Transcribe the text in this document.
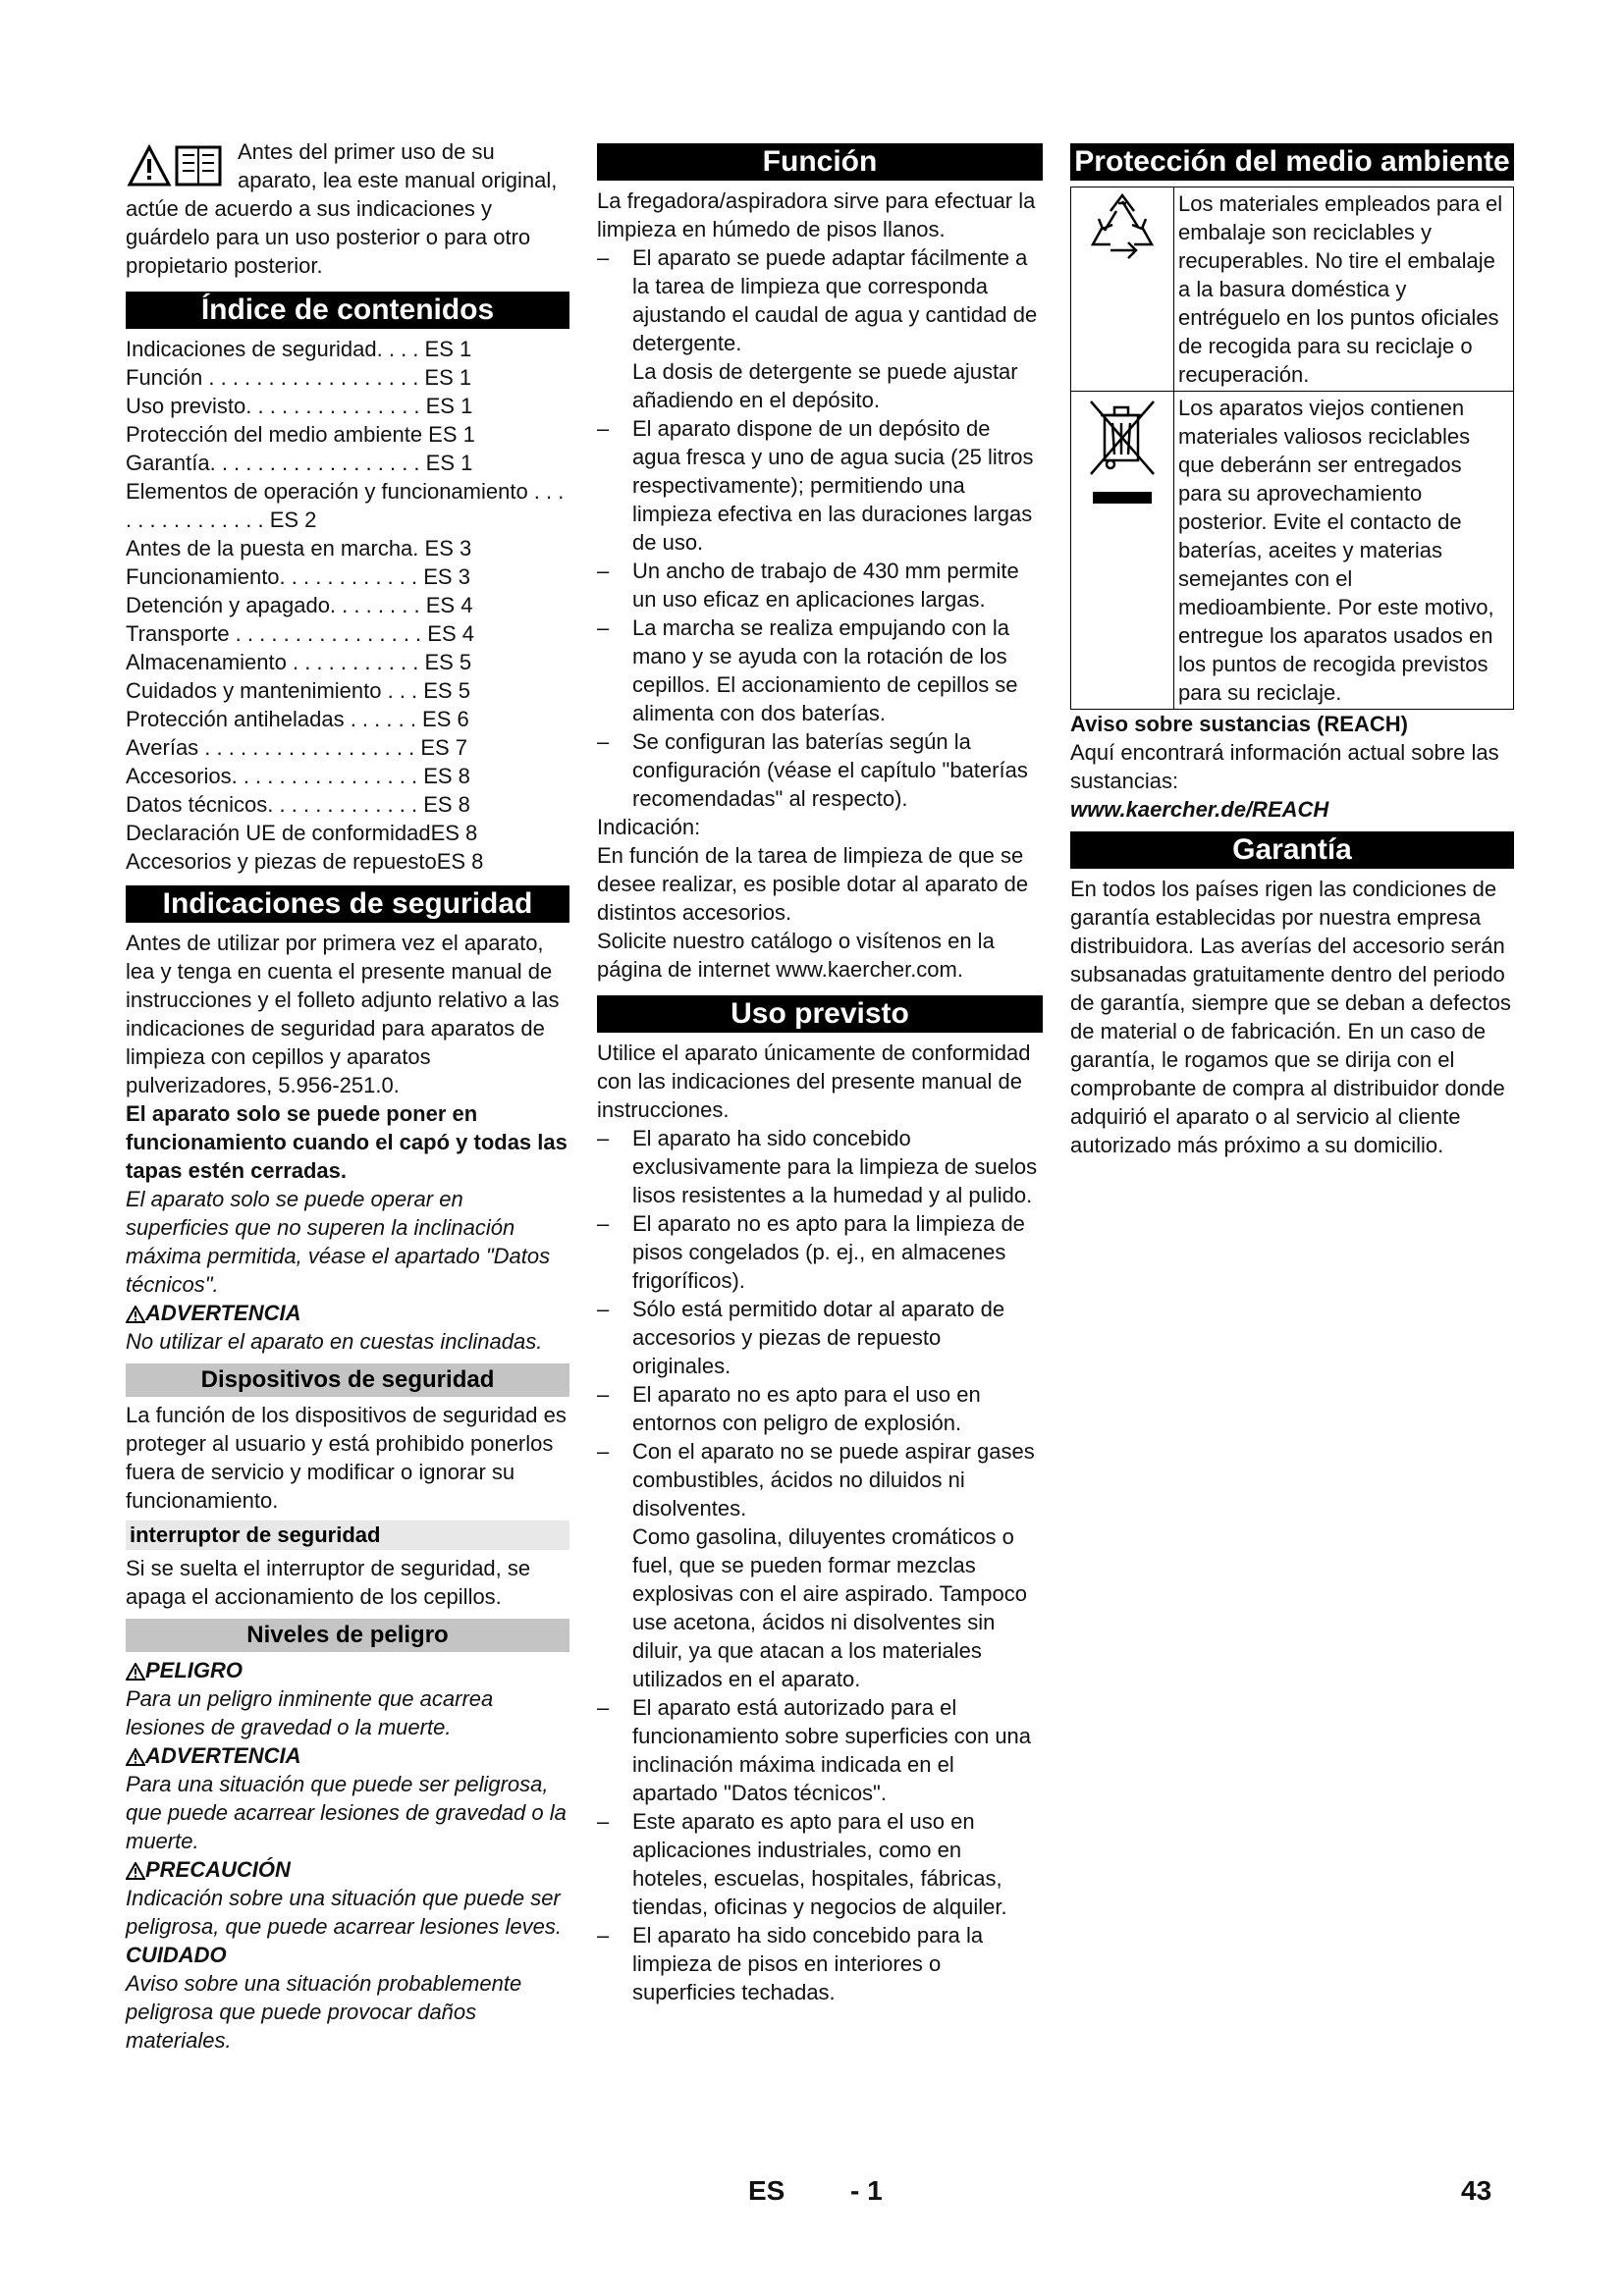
Antes del primer uso de su aparato, lea este manual original, actúe de acuerdo a sus indicaciones y guárdelo para un uso posterior o para otro propietario posterior.

Índice de contenidos
Indicaciones de seguridad. . . . ES 1
Función . . . . . . . . . . . . . . . . . . ES 1
Uso previsto. . . . . . . . . . . . . . . ES 1
Protección del medio ambiente ES 1
Garantía. . . . . . . . . . . . . . . . . . ES 1
Elementos de operación y funcionamiento . . . . . . . . . . . . . . . ES 2
Antes de la puesta en marcha. ES 3
Funcionamiento. . . . . . . . . . . . ES 3
Detención y apagado. . . . . . . . ES 4
Transporte . . . . . . . . . . . . . . . . ES 4
Almacenamiento . . . . . . . . . . . ES 5
Cuidados y mantenimiento . . . ES 5
Protección antiheladas . . . . . . ES 6
Averías . . . . . . . . . . . . . . . . . . ES 7
Accesorios. . . . . . . . . . . . . . . . ES 8
Datos técnicos. . . . . . . . . . . . . ES 8
Declaración UE de conformidadES 8
Accesorios y piezas de repuestoES 8
Indicaciones de seguridad

Antes de utilizar por primera vez el aparato, lea y tenga en cuenta el presente manual de instrucciones y el folleto adjunto relativo a las indicaciones de seguridad para aparatos de limpieza con cepillos y aparatos pulverizadores, 5.956-251.0.

El aparato solo se puede poner en funcionamiento cuando el capó y todas las tapas estén cerradas.

El aparato solo se puede operar en superficies que no superen la inclinación máxima permitida, véase el apartado "Datos técnicos".

ADVERTENCIA

No utilizar el aparato en cuestas inclinadas.

Dispositivos de seguridad

La función de los dispositivos de seguridad es proteger al usuario y está prohibido ponerlos fuera de servicio y modificar o ignorar su funcionamiento.

interruptor de seguridad

Si se suelta el interruptor de seguridad, se apaga el accionamiento de los cepillos.

Niveles de peligro

PELIGRO

Para un peligro inminente que acarrea lesiones de gravedad o la muerte.

ADVERTENCIA

Para una situación que puede ser peligrosa, que puede acarrear lesiones de gravedad o la muerte.

PRECAUCIÓN

Indicación sobre una situación que puede ser peligrosa, que puede acarrear lesiones leves.

CUIDADO

Aviso sobre una situación probablemente peligrosa que puede provocar daños materiales.

Función

La fregadora/aspiradora sirve para efectuar la limpieza en húmedo de pisos llanos.

– El aparato se puede adaptar fácilmente a la tarea de limpieza que corresponda ajustando el caudal de agua y cantidad de detergente.
La dosis de detergente se puede ajustar añadiendo en el depósito.
– El aparato dispone de un depósito de agua fresca y uno de agua sucia (25 litros respectivamente); permitiendo una limpieza efectiva en las duraciones largas de uso.
– Un ancho de trabajo de 430 mm permite un uso eficaz en aplicaciones largas.
– La marcha se realiza empujando con la mano y se ayuda con la rotación de los cepillos. El accionamiento de cepillos se alimenta con dos baterías.
– Se configuran las baterías según la configuración (véase el capítulo "baterías recomendadas" al respecto).

Indicación:

En función de la tarea de limpieza de que se desee realizar, es posible dotar al aparato de distintos accesorios.

Solicite nuestro catálogo o visítenos en la página de internet www.kaercher.com.

Uso previsto

Utilice el aparato únicamente de conformidad con las indicaciones del presente manual de instrucciones.

– El aparato ha sido concebido exclusivamente para la limpieza de suelos lisos resistentes a la humedad y al pulido.
– El aparato no es apto para la limpieza de pisos congelados (p. ej., en almacenes frigoríficos).
– Sólo está permitido dotar al aparato de accesorios y piezas de repuesto originales.
– El aparato no es apto para el uso en entornos con peligro de explosión.
– Con el aparato no se puede aspirar gases combustibles, ácidos no diluidos ni disolventes.
Como gasolina, diluyentes cromáticos o fuel, que se pueden formar mezclas explosivas con el aire aspirado. Tampoco use acetona, ácidos ni disolventes sin diluir, ya que atacan a los materiales utilizados en el aparato.
– El aparato está autorizado para el funcionamiento sobre superficies con una inclinación máxima indicada en el apartado "Datos técnicos".
– Este aparato es apto para el uso en aplicaciones industriales, como en hoteles, escuelas, hospitales, fábricas, tiendas, oficinas y negocios de alquiler.
– El aparato ha sido concebido para la limpieza de pisos en interiores o superficies techadas.
Protección del medio ambiente
	Los materiales empleados para el embalaje son reciclables y recuperables. No tire el embalaje a la basura doméstica y entréguelo en los puntos oficiales de recogida para su reciclaje o recuperación.
	Los aparatos viejos contienen materiales valiosos reciclables que deberánn ser entregados para su aprovechamiento posterior. Evite el contacto de baterías, aceites y materias semejantes con el medioambiente. Por este motivo, entregue los aparatos usados en los puntos de recogida previstos para su reciclaje.

Aviso sobre sustancias (REACH)

Aquí encontrará información actual sobre las sustancias:

www.kaercher.de/REACH

Garantía

En todos los países rigen las condiciones de garantía establecidas por nuestra empresa distribuidora. Las averías del accesorio serán subsanadas gratuitamente dentro del periodo de garantía, siempre que se deban a defectos de material o de fabricación. En un caso de garantía, le rogamos que se dirija con el comprobante de compra al distribuidor donde adquirió el aparato o al servicio al cliente autorizado más próximo a su domicilio.

ES - 1	43
